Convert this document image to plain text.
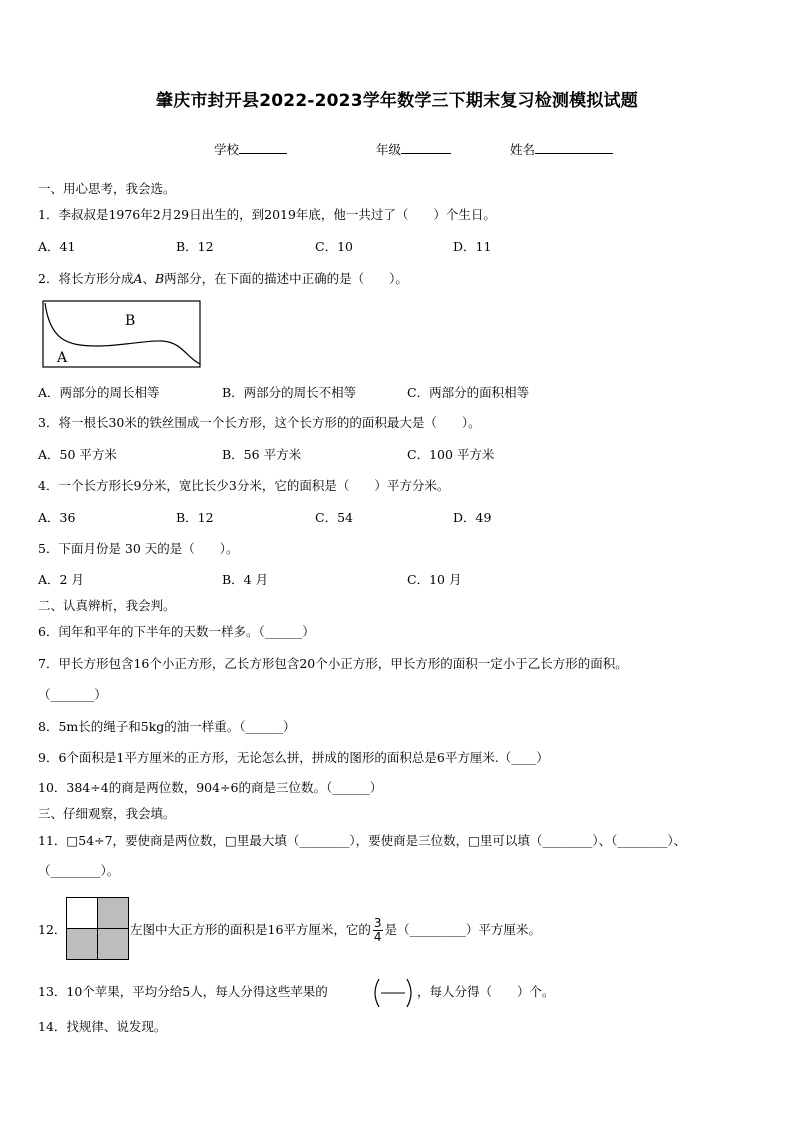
肇庆市封开县2022-2023学年数学三下期末复习检测模拟试题
学校	年级	姓名
一、用心思考，我会选。
1．李叔叔是1976年2月29日出生的，到2019年底，他一共过了（　　）个生日。
A．41	B．12	C．10	D．11
2．将长方形分成𝐴、𝐵两部分，在下面的描述中正确的是（　　）。
B
A
A．两部分的周长相等	B．两部分的周长不相等	C．两部分的面积相等
3．将一根长30米的铁丝围成一个长方形，这个长方形的的面积最大是（　　）。
A．50 平方米	B．56 平方米	C．100 平方米
4．一个长方形长9分米，宽比长少3分米，它的面积是（　　）平方分米。
A．36	B．12	C．54	D．49
5．下面月份是 30 天的是（　　）。
A．2 月	B．4 月	C．10 月
二、认真辨析，我会判。
6．闰年和平年的下半年的天数一样多。（______）
7．甲长方形包含16个小正方形，乙长方形包含20个小正方形，甲长方形的面积一定小于乙长方形的面积。
（_______）
8．5m长的绳子和5kg的油一样重。（______）
9．6个面积是1平方厘米的正方形，无论怎么拼，拼成的图形的面积总是6平方厘米.（____）
10．384÷4的商是两位数，904÷6的商是三位数。（______）
三、仔细观察，我会填。
11．□54÷7，要使商是两位数，□里最大填（________），要使商是三位数，□里可以填（________）、（________）、
（________）。
12．	左图中大正方形的面积是16平方厘米，它的 $\frac{3}{4}$ 是（_________）平方厘米。
13．10个苹果，平均分给5人，每人分得这些苹果的	，每人分得（　　）个。
14．找规律、说发现。
